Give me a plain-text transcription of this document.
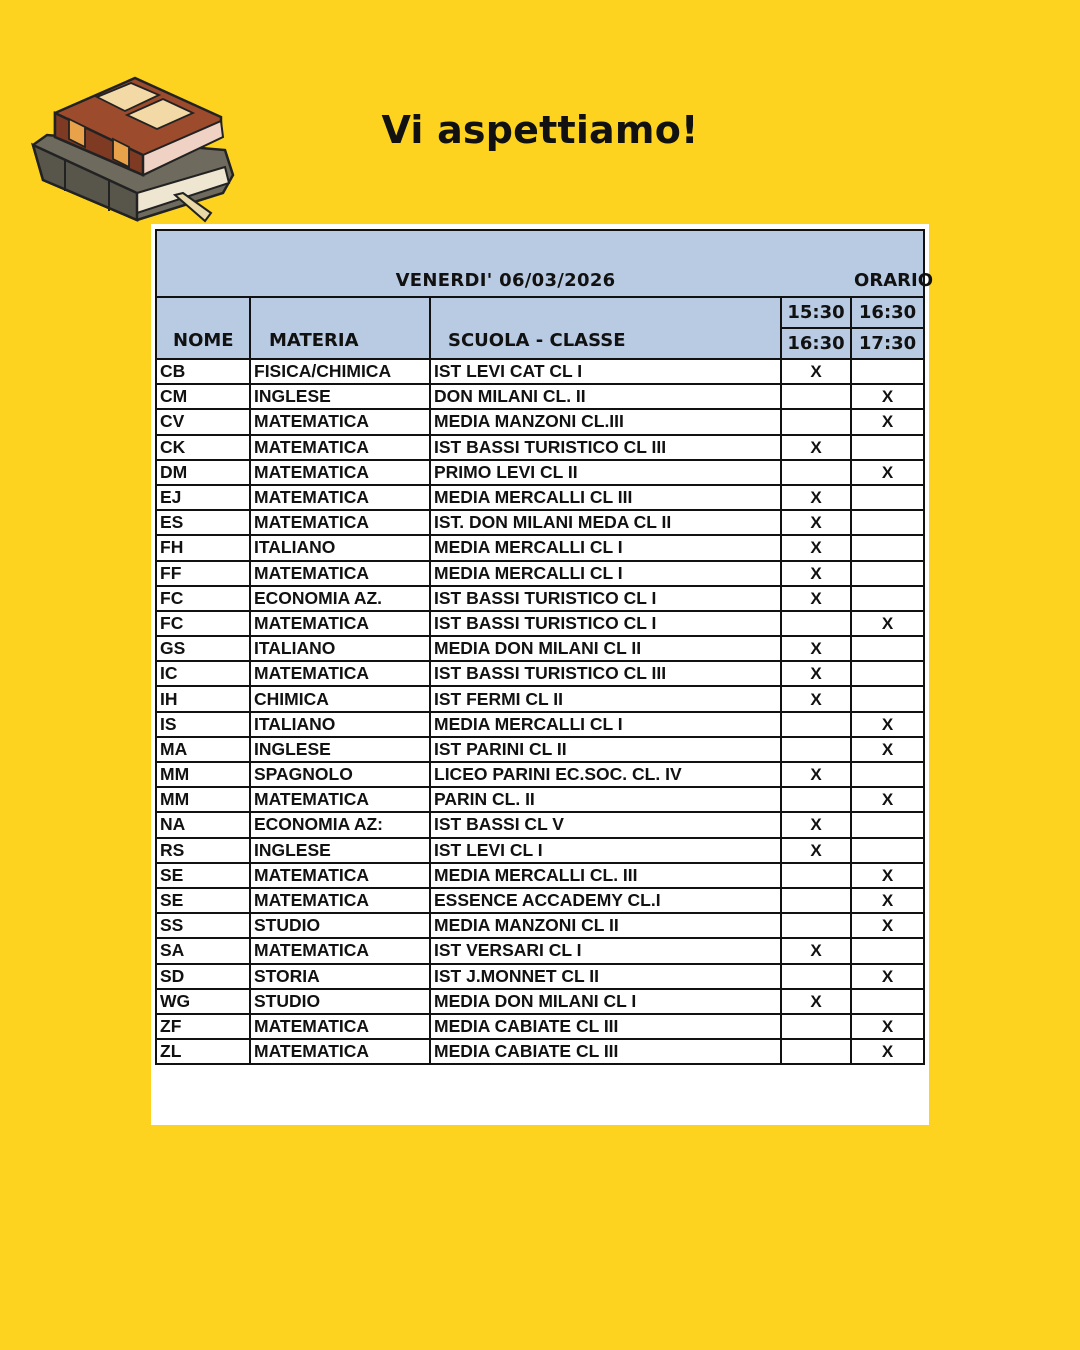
Vi aspettiamo!
VENERDI' 06/03/2026				ORARIO
NOME	MATERIA	SCUOLA - CLASSE	15:30	16:30
			16:30	17:30
CB	FISICA/CHIMICA	IST LEVI CAT CL I	X	
CM	INGLESE	DON MILANI CL. II		X
CV	MATEMATICA	MEDIA MANZONI CL.III		X
CK	MATEMATICA	IST BASSI TURISTICO CL III	X	
DM	MATEMATICA	PRIMO LEVI CL II		X
EJ	MATEMATICA	MEDIA MERCALLI CL III	X	
ES	MATEMATICA	IST. DON MILANI MEDA CL II	X	
FH	ITALIANO	MEDIA MERCALLI CL I	X	
FF	MATEMATICA	MEDIA MERCALLI CL I	X	
FC	ECONOMIA AZ.	IST BASSI TURISTICO CL I	X	
FC	MATEMATICA	IST BASSI TURISTICO CL I		X
GS	ITALIANO	MEDIA DON MILANI CL II	X	
IC	MATEMATICA	IST BASSI TURISTICO CL III	X	
IH	CHIMICA	IST FERMI CL II	X	
IS	ITALIANO	MEDIA MERCALLI CL I		X
MA	INGLESE	IST PARINI CL II		X
MM	SPAGNOLO	LICEO PARINI EC.SOC. CL. IV	X	
MM	MATEMATICA	PARIN CL. II		X
NA	ECONOMIA AZ:	IST BASSI CL V	X	
RS	INGLESE	IST LEVI CL I	X	
SE	MATEMATICA	MEDIA MERCALLI CL. III		X
SE	MATEMATICA	ESSENCE ACCADEMY CL.I		X
SS	STUDIO	MEDIA MANZONI CL II		X
SA	MATEMATICA	IST VERSARI CL I	X	
SD	STORIA	IST J.MONNET CL II		X
WG	STUDIO	MEDIA DON MILANI CL I	X	
ZF	MATEMATICA	MEDIA CABIATE CL III		X
ZL	MATEMATICA	MEDIA CABIATE CL III		X
